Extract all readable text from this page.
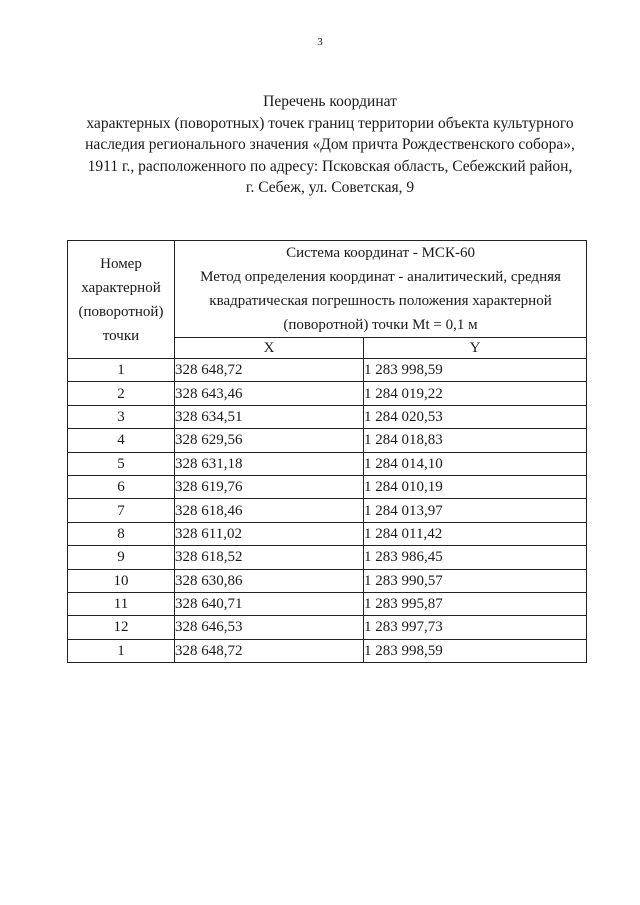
3
Перечень координат
характерных (поворотных) точек границ территории объекта культурного
наследия регионального значения «Дом причта Рождественского собора»,
1911 г., расположенного по адресу: Псковская область, Себежский район,
г. Себеж, ул. Советская, 9
Номер
характерной
(поворотной)
точки	Система координат - МСК-60
Метод определения координат - аналитический, средняя
квадратическая погрешность положения характерной
(поворотной) точки Mt = 0,1 м	

	X	Y
1	328 648,72	1 283 998,59
2	328 643,46	1 284 019,22
3	328 634,51	1 284 020,53
4	328 629,56	1 284 018,83
5	328 631,18	1 284 014,10
6	328 619,76	1 284 010,19
7	328 618,46	1 284 013,97
8	328 611,02	1 284 011,42
9	328 618,52	1 283 986,45
10	328 630,86	1 283 990,57
11	328 640,71	1 283 995,87
12	328 646,53	1 283 997,73
1	328 648,72	1 283 998,59
